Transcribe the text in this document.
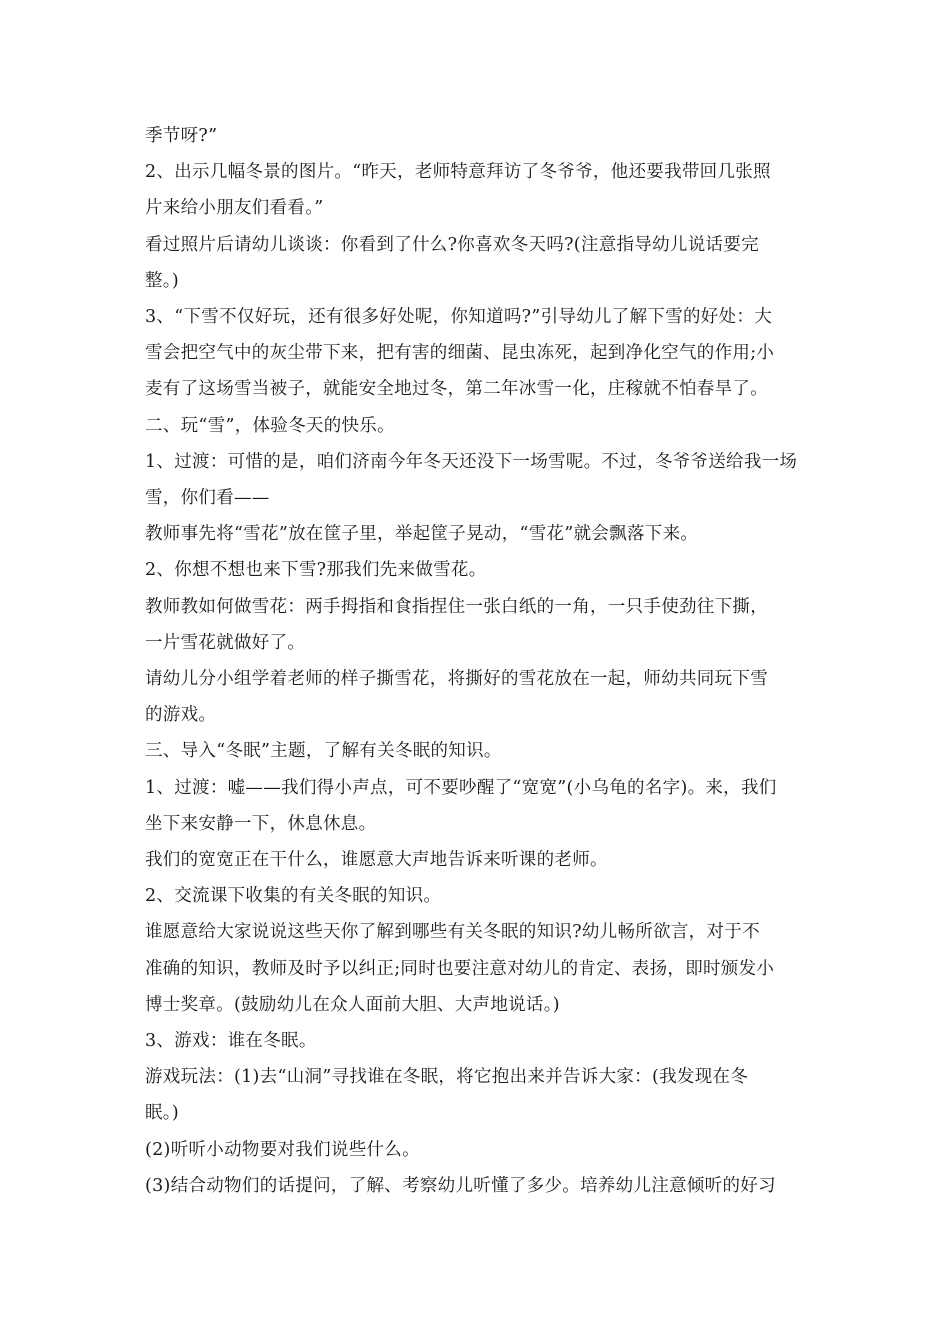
季节呀?”

2、出示几幅冬景的图片。“昨天，老师特意拜访了冬爷爷，他还要我带回几张照

片来给小朋友们看看。”

看过照片后请幼儿谈谈：你看到了什么?你喜欢冬天吗?(注意指导幼儿说话要完

整。)

3、“下雪不仅好玩，还有很多好处呢，你知道吗?”引导幼儿了解下雪的好处：大

雪会把空气中的灰尘带下来，把有害的细菌、昆虫冻死，起到净化空气的作用;小

麦有了这场雪当被子，就能安全地过冬，第二年冰雪一化，庄稼就不怕春旱了。

二、玩“雪”，体验冬天的快乐。

1、过渡：可惜的是，咱们济南今年冬天还没下一场雪呢。不过，冬爷爷送给我一场

雪，你们看——

教师事先将“雪花”放在筐子里，举起筐子晃动，“雪花”就会飘落下来。

2、你想不想也来下雪?那我们先来做雪花。

教师教如何做雪花：两手拇指和食指捏住一张白纸的一角，一只手使劲往下撕，

一片雪花就做好了。

请幼儿分小组学着老师的样子撕雪花，将撕好的雪花放在一起，师幼共同玩下雪

的游戏。

三、导入“冬眠”主题，了解有关冬眠的知识。

1、过渡：嘘——我们得小声点，可不要吵醒了“宽宽”(小乌龟的名字)。来，我们

坐下来安静一下，休息休息。

我们的宽宽正在干什么，谁愿意大声地告诉来听课的老师。

2、交流课下收集的有关冬眠的知识。

谁愿意给大家说说这些天你了解到哪些有关冬眠的知识?幼儿畅所欲言，对于不

准确的知识，教师及时予以纠正;同时也要注意对幼儿的肯定、表扬，即时颁发小

博士奖章。(鼓励幼儿在众人面前大胆、大声地说话。)

3、游戏：谁在冬眠。

游戏玩法：(1)去“山洞”寻找谁在冬眠，将它抱出来并告诉大家：(我发现在冬

眠。)

(2)听听小动物要对我们说些什么。

(3)结合动物们的话提问，了解、考察幼儿听懂了多少。培养幼儿注意倾听的好习
